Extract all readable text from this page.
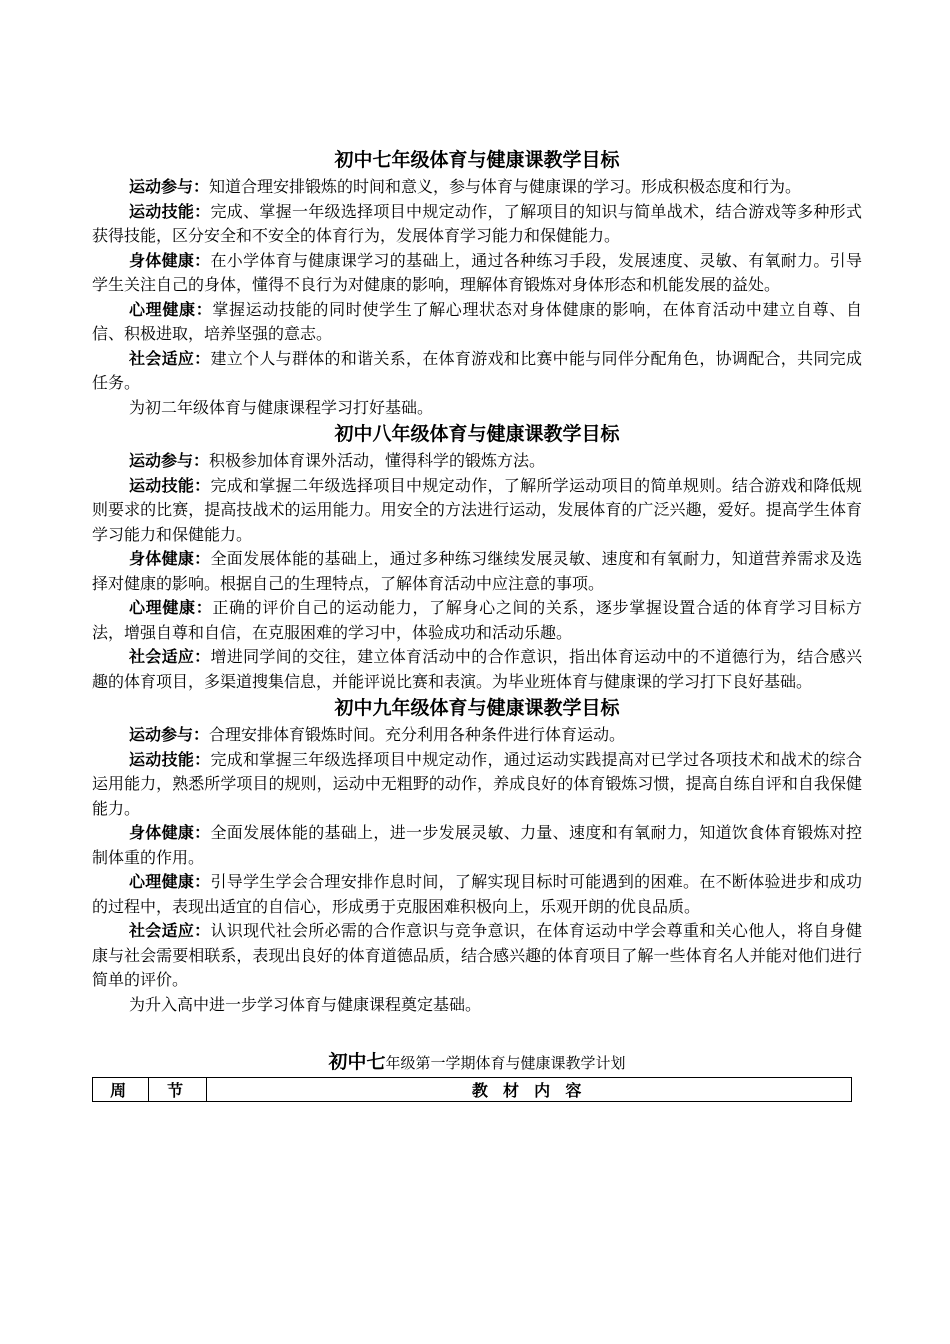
初中七年级体育与健康课教学目标

运动参与：知道合理安排锻炼的时间和意义，参与体育与健康课的学习。形成积极态度和行为。

运动技能：完成、掌握一年级选择项目中规定动作，了解项目的知识与简单战术，结合游戏等多种形式获得技能，区分安全和不安全的体育行为，发展体育学习能力和保健能力。

身体健康：在小学体育与健康课学习的基础上，通过各种练习手段，发展速度、灵敏、有氧耐力。引导学生关注自己的身体，懂得不良行为对健康的影响，理解体育锻炼对身体形态和机能发展的益处。

心理健康：掌握运动技能的同时使学生了解心理状态对身体健康的影响，在体育活动中建立自尊、自信、积极进取，培养坚强的意志。

社会适应：建立个人与群体的和谐关系，在体育游戏和比赛中能与同伴分配角色，协调配合，共同完成任务。

为初二年级体育与健康课程学习打好基础。

初中八年级体育与健康课教学目标

运动参与：积极参加体育课外活动，懂得科学的锻炼方法。

运动技能：完成和掌握二年级选择项目中规定动作，了解所学运动项目的简单规则。结合游戏和降低规则要求的比赛，提高技战术的运用能力。用安全的方法进行运动，发展体育的广泛兴趣，爱好。提高学生体育学习能力和保健能力。

身体健康：全面发展体能的基础上，通过多种练习继续发展灵敏、速度和有氧耐力，知道营养需求及选择对健康的影响。根据自己的生理特点，了解体育活动中应注意的事项。

心理健康：正确的评价自己的运动能力，了解身心之间的关系，逐步掌握设置合适的体育学习目标方法，增强自尊和自信，在克服困难的学习中，体验成功和活动乐趣。

社会适应：增进同学间的交往，建立体育活动中的合作意识，指出体育运动中的不道德行为，结合感兴趣的体育项目，多渠道搜集信息，并能评说比赛和表演。为毕业班体育与健康课的学习打下良好基础。

初中九年级体育与健康课教学目标

运动参与：合理安排体育锻炼时间。充分利用各种条件进行体育运动。

运动技能：完成和掌握三年级选择项目中规定动作，通过运动实践提高对已学过各项技术和战术的综合运用能力，熟悉所学项目的规则，运动中无粗野的动作，养成良好的体育锻炼习惯，提高自练自评和自我保健能力。

身体健康：全面发展体能的基础上，进一步发展灵敏、力量、速度和有氧耐力，知道饮食体育锻炼对控制体重的作用。

心理健康：引导学生学会合理安排作息时间，了解实现目标时可能遇到的困难。在不断体验进步和成功的过程中，表现出适宜的自信心，形成勇于克服困难积极向上，乐观开朗的优良品质。

社会适应：认识现代社会所必需的合作意识与竞争意识，在体育运动中学会尊重和关心他人，将自身健康与社会需要相联系，表现出良好的体育道德品质，结合感兴趣的体育项目了解一些体育名人并能对他们进行简单的评价。

为升入高中进一步学习体育与健康课程奠定基础。

初中七年级第一学期体育与健康课教学计划
周	节	教 材 内 容
